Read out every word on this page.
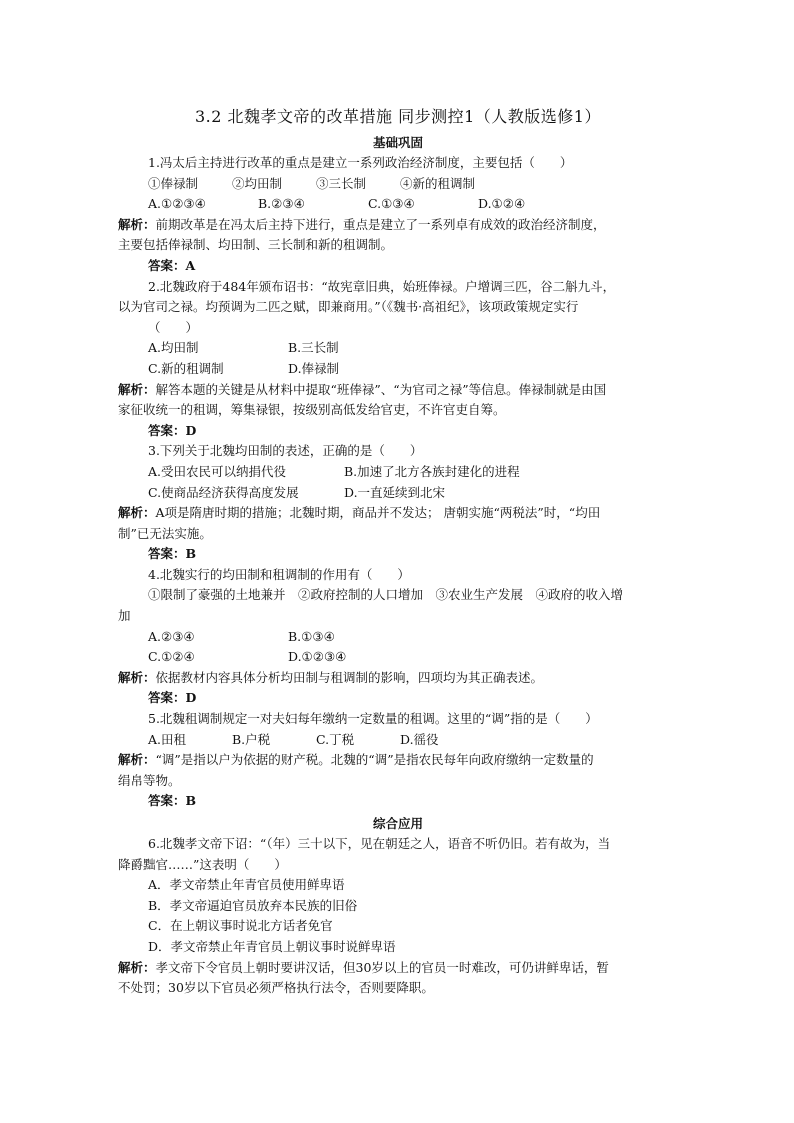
3.2 北魏孝文帝的改革措施 同步测控1（人教版选修1）
基础巩固
1.冯太后主持进行改革的重点是建立一系列政治经济制度，主要包括（　　）
①俸禄制	②均田制	③三长制	④新的租调制
A.①②③④	B.②③④	C.①③④	D.①②④
解析：前期改革是在冯太后主持下进行，重点是建立了一系列卓有成效的政治经济制度，
主要包括俸禄制、均田制、三长制和新的租调制。
答案：A
2.北魏政府于484年颁布诏书：“故宪章旧典，始班俸禄。户增调三匹，谷二斛九斗，
以为官司之禄。均预调为二匹之赋，即兼商用。”（《魏书·高祖纪》，该项政策规定实行
（　　）
A.均田制	B.三长制
C.新的租调制	D.俸禄制
解析：解答本题的关键是从材料中提取“班俸禄”、“为官司之禄”等信息。俸禄制就是由国
家征收统一的租调，筹集禄银，按级别高低发给官吏，不许官吏自筹。
答案：D
3.下列关于北魏均田制的表述，正确的是（　　）
A.受田农民可以纳捐代役	B.加速了北方各族封建化的进程
C.使商品经济获得高度发展	D.一直延续到北宋
解析：A项是隋唐时期的措施；北魏时期，商品并不发达； 唐朝实施“两税法”时，“均田
制”已无法实施。
答案：B
4.北魏实行的均田制和租调制的作用有（　　）
①限制了豪强的土地兼并　②政府控制的人口增加　③农业生产发展　④政府的收入增
加
A.②③④	B.①③④
C.①②④	D.①②③④
解析：依据教材内容具体分析均田制与租调制的影响，四项均为其正确表述。
答案：D
5.北魏租调制规定一对夫妇每年缴纳一定数量的租调。这里的“调”指的是（　　）
A.田租	B.户税	C.丁税	D.徭役
解析：“调”是指以户为依据的财产税。北魏的“调”是指农民每年向政府缴纳一定数量的
绢帛等物。
答案：B
综合应用
6.北魏孝文帝下诏：“（年）三十以下，见在朝廷之人，语音不听仍旧。若有故为，当
降爵黜官……”这表明（　　）
A．孝文帝禁止年青官员使用鲜卑语
B．孝文帝逼迫官员放弃本民族的旧俗
C．在上朝议事时说北方话者免官
D．孝文帝禁止年青官员上朝议事时说鲜卑语
解析：孝文帝下令官员上朝时要讲汉话，但30岁以上的官员一时难改，可仍讲鲜卑话，暂
不处罚；30岁以下官员必须严格执行法令，否则要降职。
